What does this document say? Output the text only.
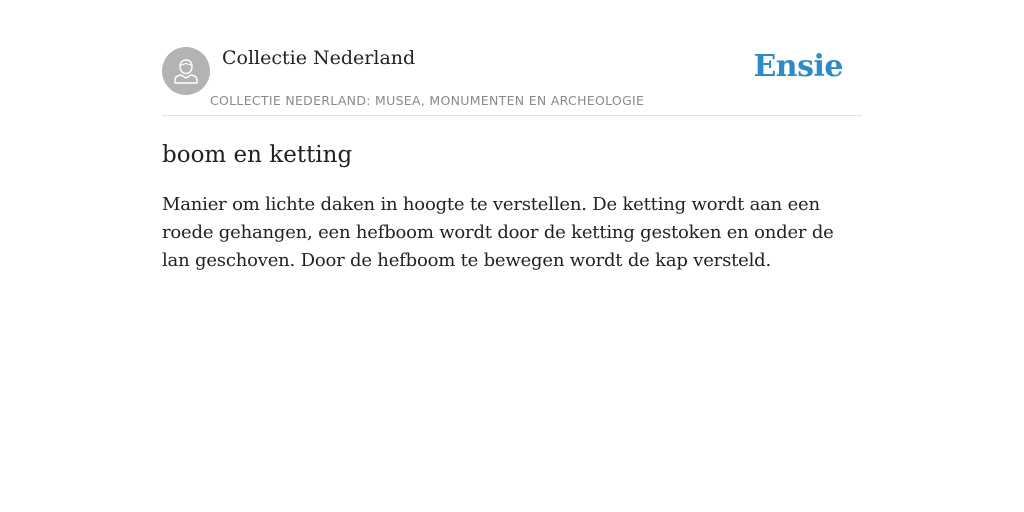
Collectie Nederland
COLLECTIE NEDERLAND: MUSEA, MONUMENTEN EN ARCHEOLOGIE
Ensie
boom en ketting

Manier om lichte daken in hoogte te verstellen. De ketting wordt aan een roede gehangen, een hefboom wordt door de ketting gestoken en onder de lan geschoven. Door de hefboom te bewegen wordt de kap versteld.
